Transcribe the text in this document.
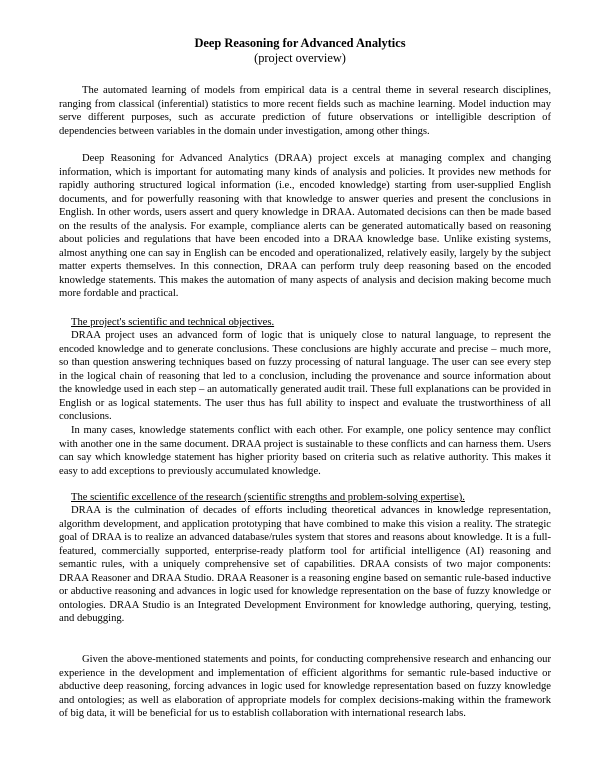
Deep Reasoning for Advanced Analytics
(project overview)

The automated learning of models from empirical data is a central theme in several research disciplines, ranging from classical (inferential) statistics to more recent fields such as machine learning. Model induction may serve different purposes, such as accurate prediction of future observations or intelligible description of dependencies between variables in the domain under investigation, among other things.

Deep Reasoning for Advanced Analytics (DRAA) project excels at managing complex and changing information, which is important for automating many kinds of analysis and policies. It provides new methods for rapidly authoring structured logical information (i.e., encoded knowledge) starting from user-supplied English documents, and for powerfully reasoning with that knowledge to answer queries and present the conclusions in English. In other words, users assert and query knowledge in DRAA. Automated decisions can then be made based on the results of the analysis. For example, compliance alerts can be generated automatically based on reasoning about policies and regulations that have been encoded into a DRAA knowledge base. Unlike existing systems, almost anything one can say in English can be encoded and operationalized, relatively easily, largely by the subject matter experts themselves. In this connection, DRAA can perform truly deep reasoning based on the encoded knowledge statements. This makes the automation of many aspects of analysis and decision making become much more fordable and practical.

The project's scientific and technical objectives.

DRAA project uses an advanced form of logic that is uniquely close to natural language, to represent the encoded knowledge and to generate conclusions. These conclusions are highly accurate and precise – much more, so than question answering techniques based on fuzzy processing of natural language. The user can see every step in the logical chain of reasoning that led to a conclusion, including the provenance and source information about the knowledge used in each step – an automatically generated audit trail. These full explanations can be provided in English or as logical statements. The user thus has full ability to inspect and evaluate the trustworthiness of all conclusions.

In many cases, knowledge statements conflict with each other. For example, one policy sentence may conflict with another one in the same document. DRAA project is sustainable to these conflicts and can harness them. Users can say which knowledge statement has higher priority based on criteria such as relative authority. This makes it easy to add exceptions to previously accumulated knowledge.

The scientific excellence of the research (scientific strengths and problem-solving expertise).

DRAA is the culmination of decades of efforts including theoretical advances in knowledge representation, algorithm development, and application prototyping that have combined to make this vision a reality. The strategic goal of DRAA is to realize an advanced database/rules system that stores and reasons about knowledge. It is a full-featured, commercially supported, enterprise-ready platform tool for artificial intelligence (AI) reasoning and semantic rules, with a uniquely comprehensive set of capabilities. DRAA consists of two major components: DRAA Reasoner and DRAA Studio. DRAA Reasoner is a reasoning engine based on semantic rule-based inductive or abductive reasoning and advances in logic used for knowledge representation on the base of fuzzy knowledge or ontologies. DRAA Studio is an Integrated Development Environment for knowledge authoring, querying, testing, and debugging.

Given the above-mentioned statements and points, for conducting comprehensive research and enhancing our experience in the development and implementation of efficient algorithms for semantic rule-based inductive or abductive deep reasoning, forcing advances in logic used for knowledge representation based on fuzzy knowledge and ontologies; as well as elaboration of appropriate models for complex decisions-making within the framework of big data, it will be beneficial for us to establish collaboration with international research labs.
